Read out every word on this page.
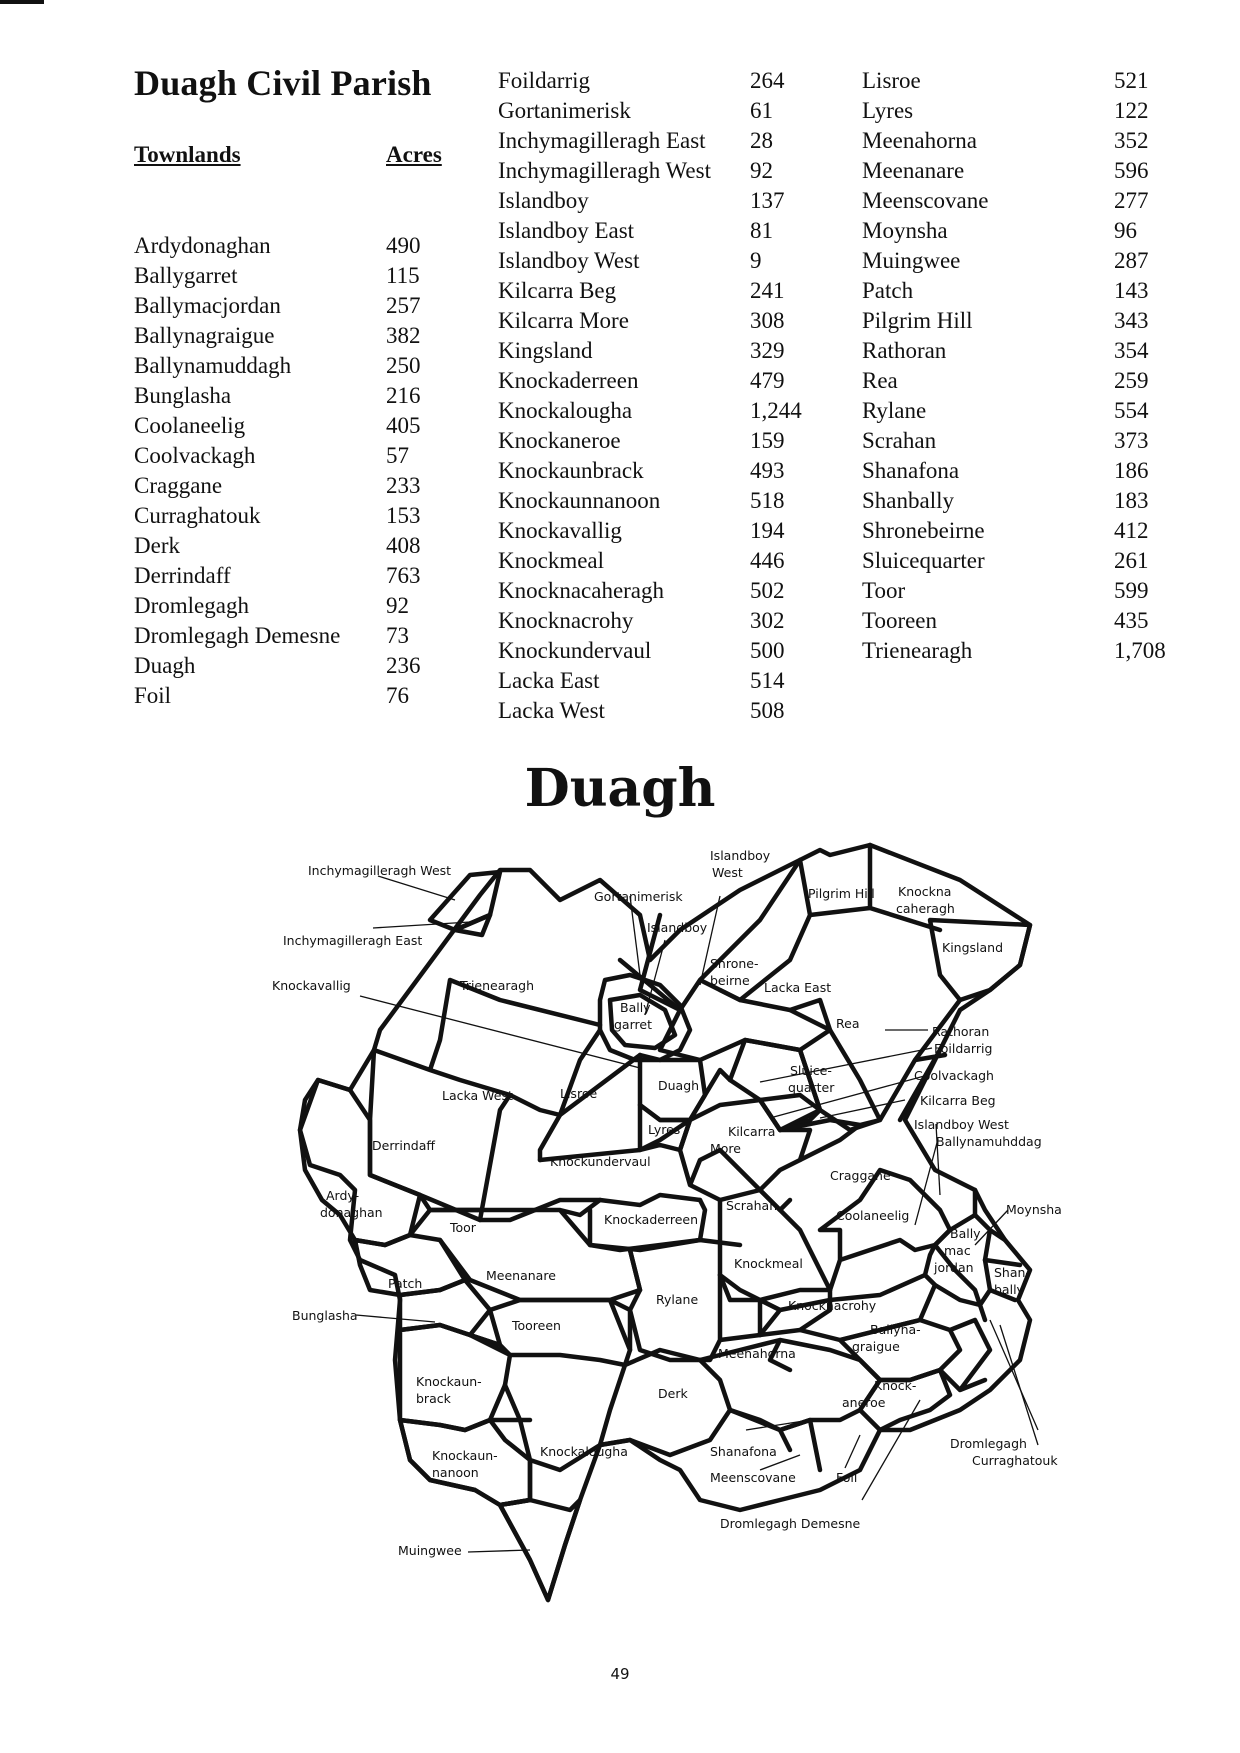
Duagh Civil Parish
Townlands	Acres
Ardydonaghan	490
Ballygarret	115
Ballymacjordan	257
Ballynagraigue	382
Ballynamuddagh	250
Bunglasha	216
Coolaneelig	405
Coolvackagh	57
Craggane	233
Curraghatouk	153
Derk	408
Derrindaff	763
Dromlegagh	92
Dromlegagh Demesne 73
Duagh	236
Foil	76
Foildarrig	264
Gortanimerisk	61
Inchymagilleragh East 28
Inchymagilleragh West 92
Islandboy	137
Islandboy East	81
Islandboy West	9
Kilcarra Beg	241
Kilcarra More	308
Kingsland	329
Knockaderreen	479
Knockalougha	1,244
Knockaneroe	159
Knockaunbrack	493
Knockaunnanoon	518
Knockavallig	194
Knockmeal	446
Knocknacaheragh	502
Knocknacrohy	302
Knockundervaul	500
Lacka East	514
Lacka West	508
Lisroe	521
Lyres	122
Meenahorna	352
Meenanare	596
Meenscovane	277
Moynsha	96
Muingwee	287
Patch	143
Pilgrim Hill	343
Rathoran	354
Rea	259
Rylane	554
Scrahan	373
Shanafona	186
Shanbally	183
Shronebeirne	412
Sluicequarter	261
Toor	599
Tooreen	435
Trienearagh	1,708
Duagh
Inchymagilleragh West
Inchymagilleragh East
Knockavallig	Trienearagh
Gortanimerisk
Islandboy
West
Islandboy
Pilgrim Hill Knockna
caheragh
Kingsland
Shrone-
beirne Lacka East
Bally
garret	Rea
Rathoran
Foildarrig
Sluice-
quarter
Duagh
Coolvackagh
Lacka West	Lisroe	Kilcarra Beg
Islandboy West
Ballynamuhddag
Derrindaff
Lyres	Kilcarra
More
Knockundervaul
Craggane
Ardy-
donaghan
Toor
Knockaderreen
Scrahan
Coolaneelig
Bally
mac
jordan
Moynsha
Patch
Meenanare
Knockmeal
Shan-
bally
Bunglasha
Rylane	Knocknacrohy
Tooreen	Ballyna-
graigue
Meenahorna
Knockaun-
brack	Derk
Knock-
aneroe
Knockaun-
nanoon
Knockalougha	Shanafona
Meenscovane	Foil
Dromlegagh
Curraghatouk
Dromlegagh Demesne
Muingwee
49
